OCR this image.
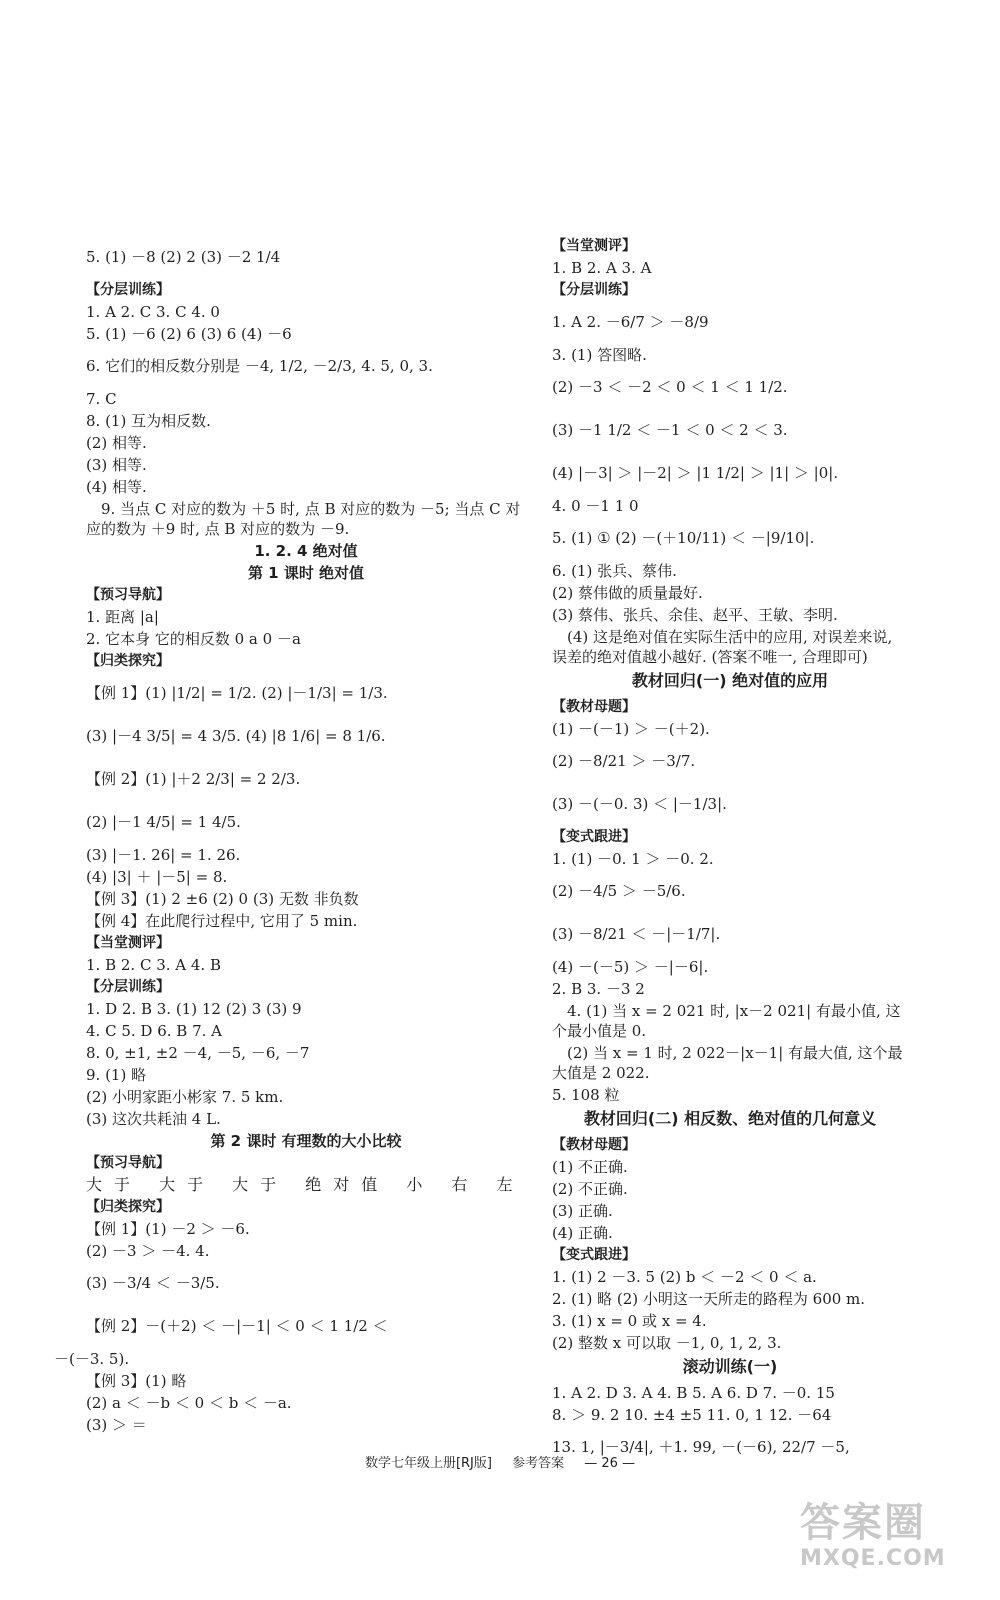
5. (1) －8 (2) 2 (3) －2 1/4
【分层训练】
1. A 2. C 3. C 4. 0
5. (1) －6 (2) 6 (3) 6 (4) －6
6. 它们的相反数分别是 －4, 1/2, －2/3, 4. 5, 0, 3.
7. C
8. (1) 互为相反数.
(2) 相等.
(3) 相等.
(4) 相等.
9. 当点 C 对应的数为 ＋5 时, 点 B 对应的数为 －5; 当点 C 对应的数为 ＋9 时, 点 B 对应的数为 －9.
1. 2. 4 绝对值
第 1 课时 绝对值
【预习导航】
1. 距离 |a|
2. 它本身 它的相反数 0 a 0 －a
【归类探究】
【例 1】(1) |1/2| = 1/2. (2) |－1/3| = 1/3.
(3) |－4 3/5| = 4 3/5. (4) |8 1/6| = 8 1/6.
【例 2】(1) |＋2 2/3| = 2 2/3.
(2) |－1 4/5| = 1 4/5.
(3) |－1. 26| = 1. 26.
(4) |3| ＋ |－5| = 8.
【例 3】(1) 2 ±6 (2) 0 (3) 无数 非负数
【例 4】在此爬行过程中, 它用了 5 min.
【当堂测评】
1. B 2. C 3. A 4. B
【分层训练】
1. D 2. B 3. (1) 12 (2) 3 (3) 9
4. C 5. D 6. B 7. A
8. 0, ±1, ±2 －4, －5, －6, －7
9. (1) 略
(2) 小明家距小彬家 7. 5 km.
(3) 这次共耗油 4 L.
第 2 课时 有理数的大小比较
【预习导航】
大于 大于 大于 绝对值 小 右 左
【归类探究】
【例 1】(1) －2 ＞ －6.
(2) －3 ＞ －4. 4.
(3) －3/4 ＜ －3/5.
【例 2】－(＋2) ＜ －|－1| ＜ 0 ＜ 1 1/2 ＜
－(－3. 5).
【例 3】(1) 略
(2) a ＜ －b ＜ 0 ＜ b ＜ －a.
(3) ＞ ＝
【当堂测评】
1. B 2. A 3. A
【分层训练】
1. A 2. －6/7 ＞ －8/9
3. (1) 答图略.
(2) －3 ＜ －2 ＜ 0 ＜ 1 ＜ 1 1/2.
(3) －1 1/2 ＜ －1 ＜ 0 ＜ 2 ＜ 3.
(4) |－3| ＞ |－2| ＞ |1 1/2| ＞ |1| ＞ |0|.
4. 0 －1 1 0
5. (1) ① (2) －(＋10/11) ＜ －|9/10|.
6. (1) 张兵、蔡伟.
(2) 蔡伟做的质量最好.
(3) 蔡伟、张兵、余佳、赵平、王敏、李明.
(4) 这是绝对值在实际生活中的应用, 对误差来说, 误差的绝对值越小越好. (答案不唯一, 合理即可)
教材回归(一) 绝对值的应用
【教材母题】
(1) －(－1) ＞ －(＋2).
(2) －8/21 ＞ －3/7.
(3) －(－0. 3) ＜ |－1/3|.
【变式跟进】
1. (1) －0. 1 ＞ －0. 2.
(2) －4/5 ＞ －5/6.
(3) －8/21 ＜ －|－1/7|.
(4) －(－5) ＞ －|－6|.
2. B 3. －3 2
4. (1) 当 x = 2 021 时, |x－2 021| 有最小值, 这个最小值是 0.
(2) 当 x = 1 时, 2 022－|x－1| 有最大值, 这个最大值是 2 022.
5. 108 粒
教材回归(二) 相反数、绝对值的几何意义
【教材母题】
(1) 不正确.
(2) 不正确.
(3) 正确.
(4) 正确.
【变式跟进】
1. (1) 2 －3. 5 (2) b ＜ －2 ＜ 0 ＜ a.
2. (1) 略 (2) 小明这一天所走的路程为 600 m.
3. (1) x = 0 或 x = 4.
(2) 整数 x 可以取 －1, 0, 1, 2, 3.
滚动训练(一)
1. A 2. D 3. A 4. B 5. A 6. D 7. －0. 15
8. ＞ 9. 2 10. ±4 ±5 11. 0, 1 12. －64
13. 1, |－3/4|, ＋1. 99, －(－6), 22/7 －5,
数学七年级上册[RJ版] 参考答案 — 26 —
答案圈
MXQE.COM
